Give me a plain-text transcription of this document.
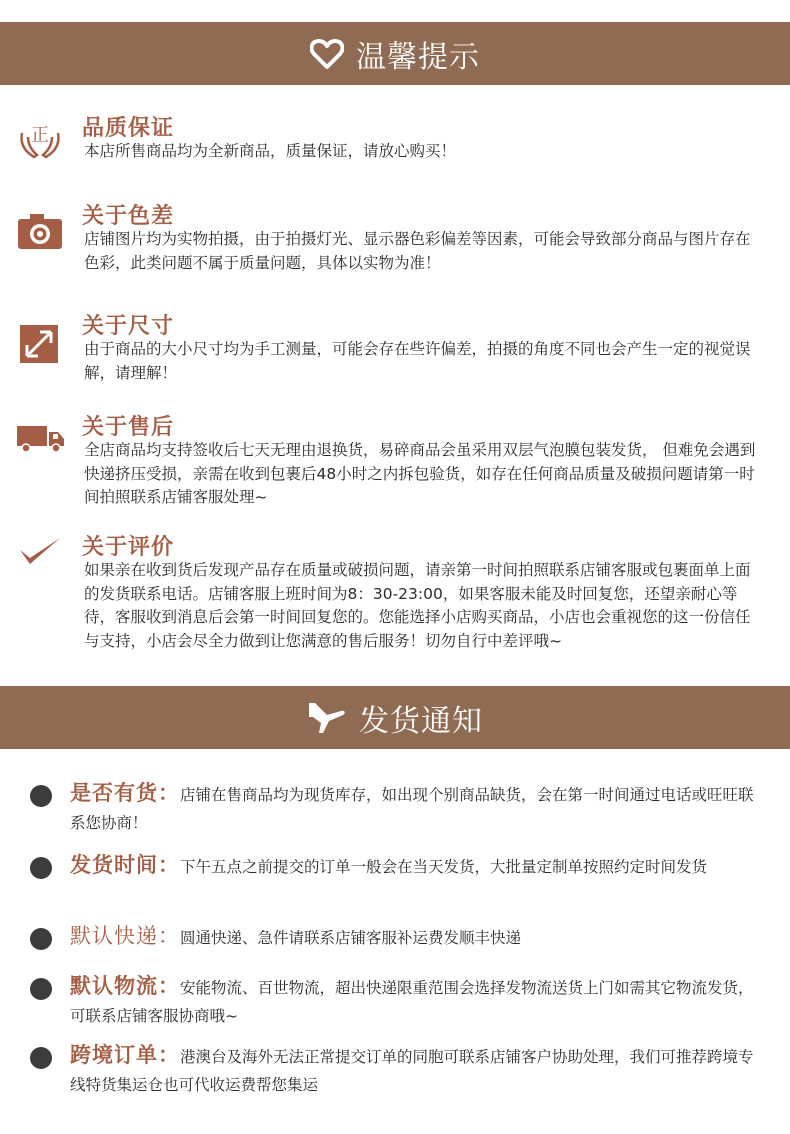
温馨提示
正 品质保证
本店所售商品均为全新商品，质量保证，请放心购买！
关于色差
店铺图片均为实物拍摄，由于拍摄灯光、显示器色彩偏差等因素，可能会导致部分商品与图片存在色彩，此类问题不属于质量问题，具体以实物为准！
关于尺寸
由于商品的大小尺寸均为手工测量，可能会存在些许偏差，拍摄的角度不同也会产生一定的视觉误解，请理解！
关于售后
全店商品均支持签收后七天无理由退换货，易碎商品会虽采用双层气泡膜包装发货， 但难免会遇到快递挤压受损，亲需在收到包裹后48小时之内拆包验货，如存在任何商品质量及破损问题请第一时间拍照联系店铺客服处理~
关于评价
如果亲在收到货后发现产品存在质量或破损问题，请亲第一时间拍照联系店铺客服或包裹面单上面的发货联系电话。店铺客服上班时间为8：30-23:00，如果客服未能及时回复您，还望亲耐心等待，客服收到消息后会第一时间回复您的。您能选择小店购买商品，小店也会重视您的这一份信任与支持，小店会尽全力做到让您满意的售后服务！切勿自行中差评哦~
发货通知
是否有货：店铺在售商品均为现货库存，如出现个别商品缺货，会在第一时间通过电话或旺旺联系您协商！
发货时间：下午五点之前提交的订单一般会在当天发货，大批量定制单按照约定时间发货
默认快递：圆通快递、急件请联系店铺客服补运费发顺丰快递
默认物流：安能物流、百世物流，超出快递限重范围会选择发物流送货上门如需其它物流发货，可联系店铺客服协商哦~
跨境订单：港澳台及海外无法正常提交订单的同胞可联系店铺客户协助处理，我们可推荐跨境专线特货集运仓也可代收运费帮您集运
